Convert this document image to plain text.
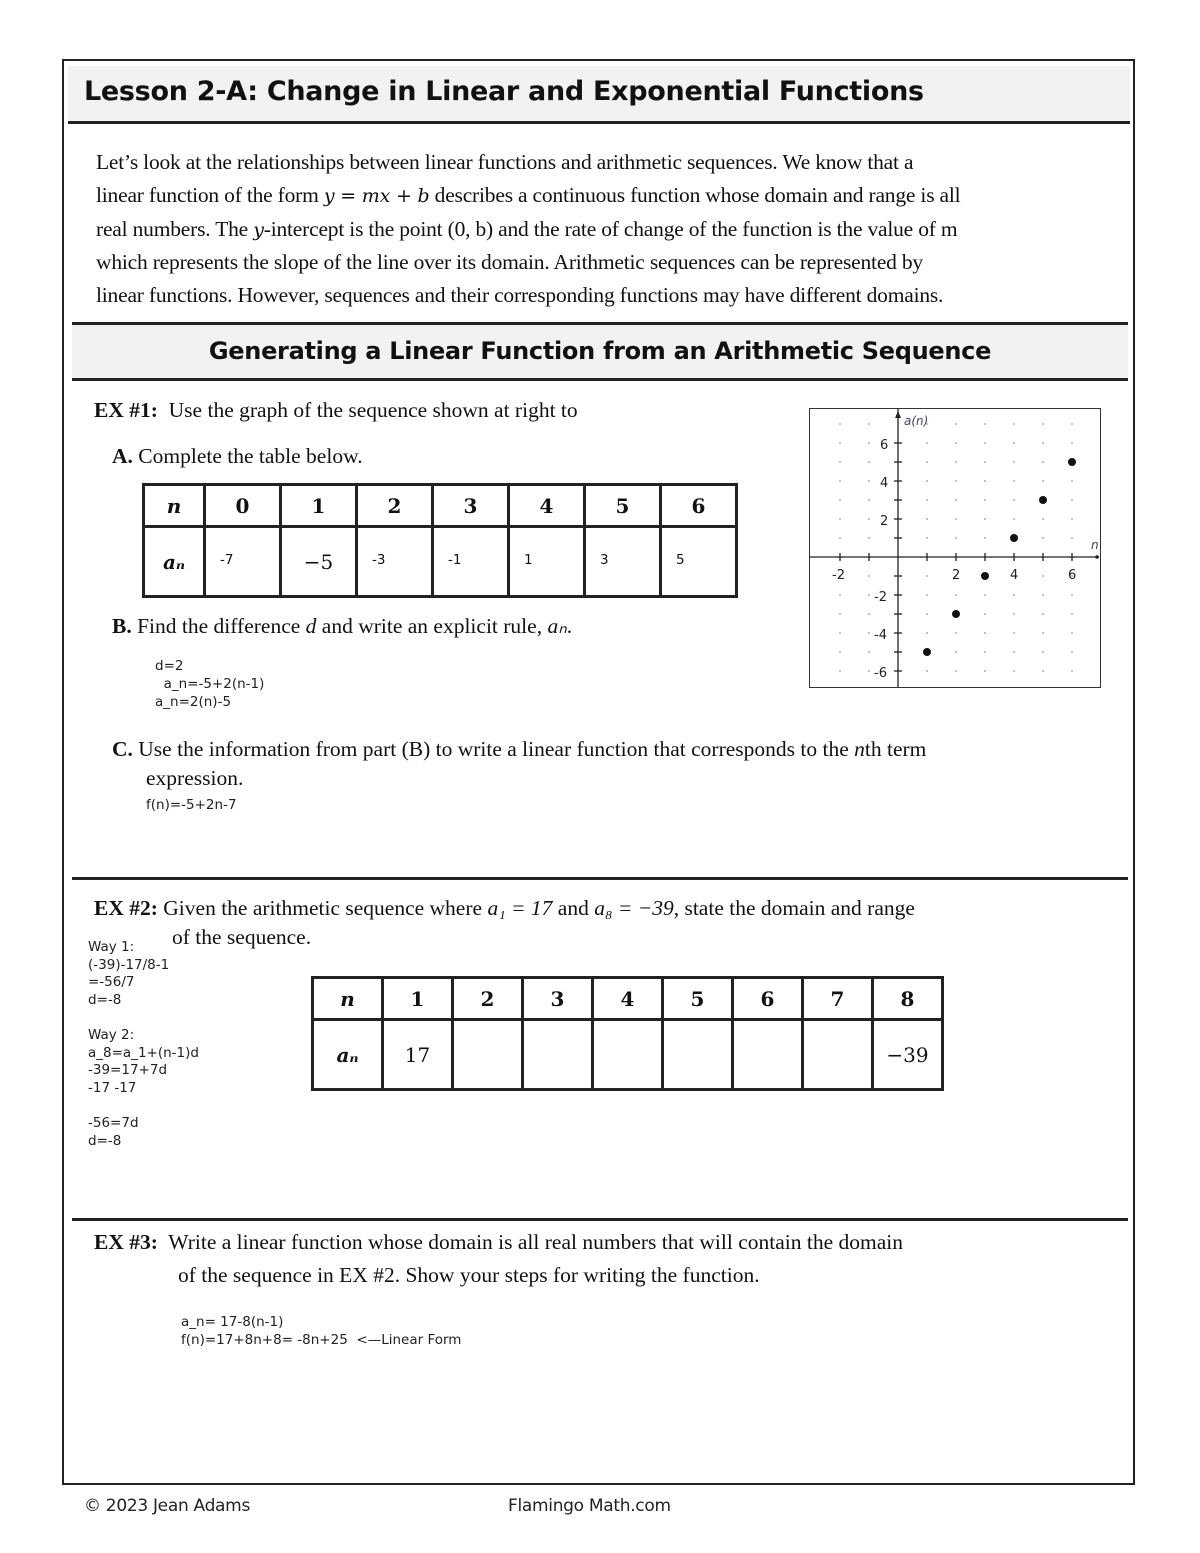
Lesson 2-A: Change in Linear and Exponential Functions

Let’s look at the relationships between linear functions and arithmetic sequences. We know that a

linear function of the form y = mx + b describes a continuous function whose domain and range is all

real numbers. The y-intercept is the point (0, b) and the rate of change of the function is the value of m

which represents the slope of the line over its domain. Arithmetic sequences can be represented by

linear functions. However, sequences and their corresponding functions may have different domains.

Generating a Linear Function from an Arithmetic Sequence
EX #1: Use the graph of the sequence shown at right to
A. Complete the table below.
n	0	1	2	3	4	5	6
aₙ	-7	−5	-3	-1	1	3	5
B. Find the difference d and write an explicit rule, aₙ.
d=2
a_n=-5+2(n-1)
a_n=2(n)-5
C. Use the information from part (B) to write a linear function that corresponds to the nth term
expression.
f(n)=-5+2n-7
-2	2	4	6
6
4
2
-2
-4
-6
a(n)
n
EX #2: Given the arithmetic sequence where a₁ = 17 and a₈ = −39, state the domain and range
of the sequence.
Way 1:
(-39)-17/8-1
=-56/7
d=-8

Way 2:
a_8=a_1+(n-1)d
-39=17+7d
-17 -17

-56=7d
d=-8
n	1	2	3	4	5	6	7	8
aₙ	17							−39
EX #3: Write a linear function whose domain is all real numbers that will contain the domain
of the sequence in EX #2. Show your steps for writing the function.
a_n= 17-8(n-1)
f(n)=17+8n+8= -8n+25  <—Linear Form
© 2023 Jean Adams	Flamingo Math.com
